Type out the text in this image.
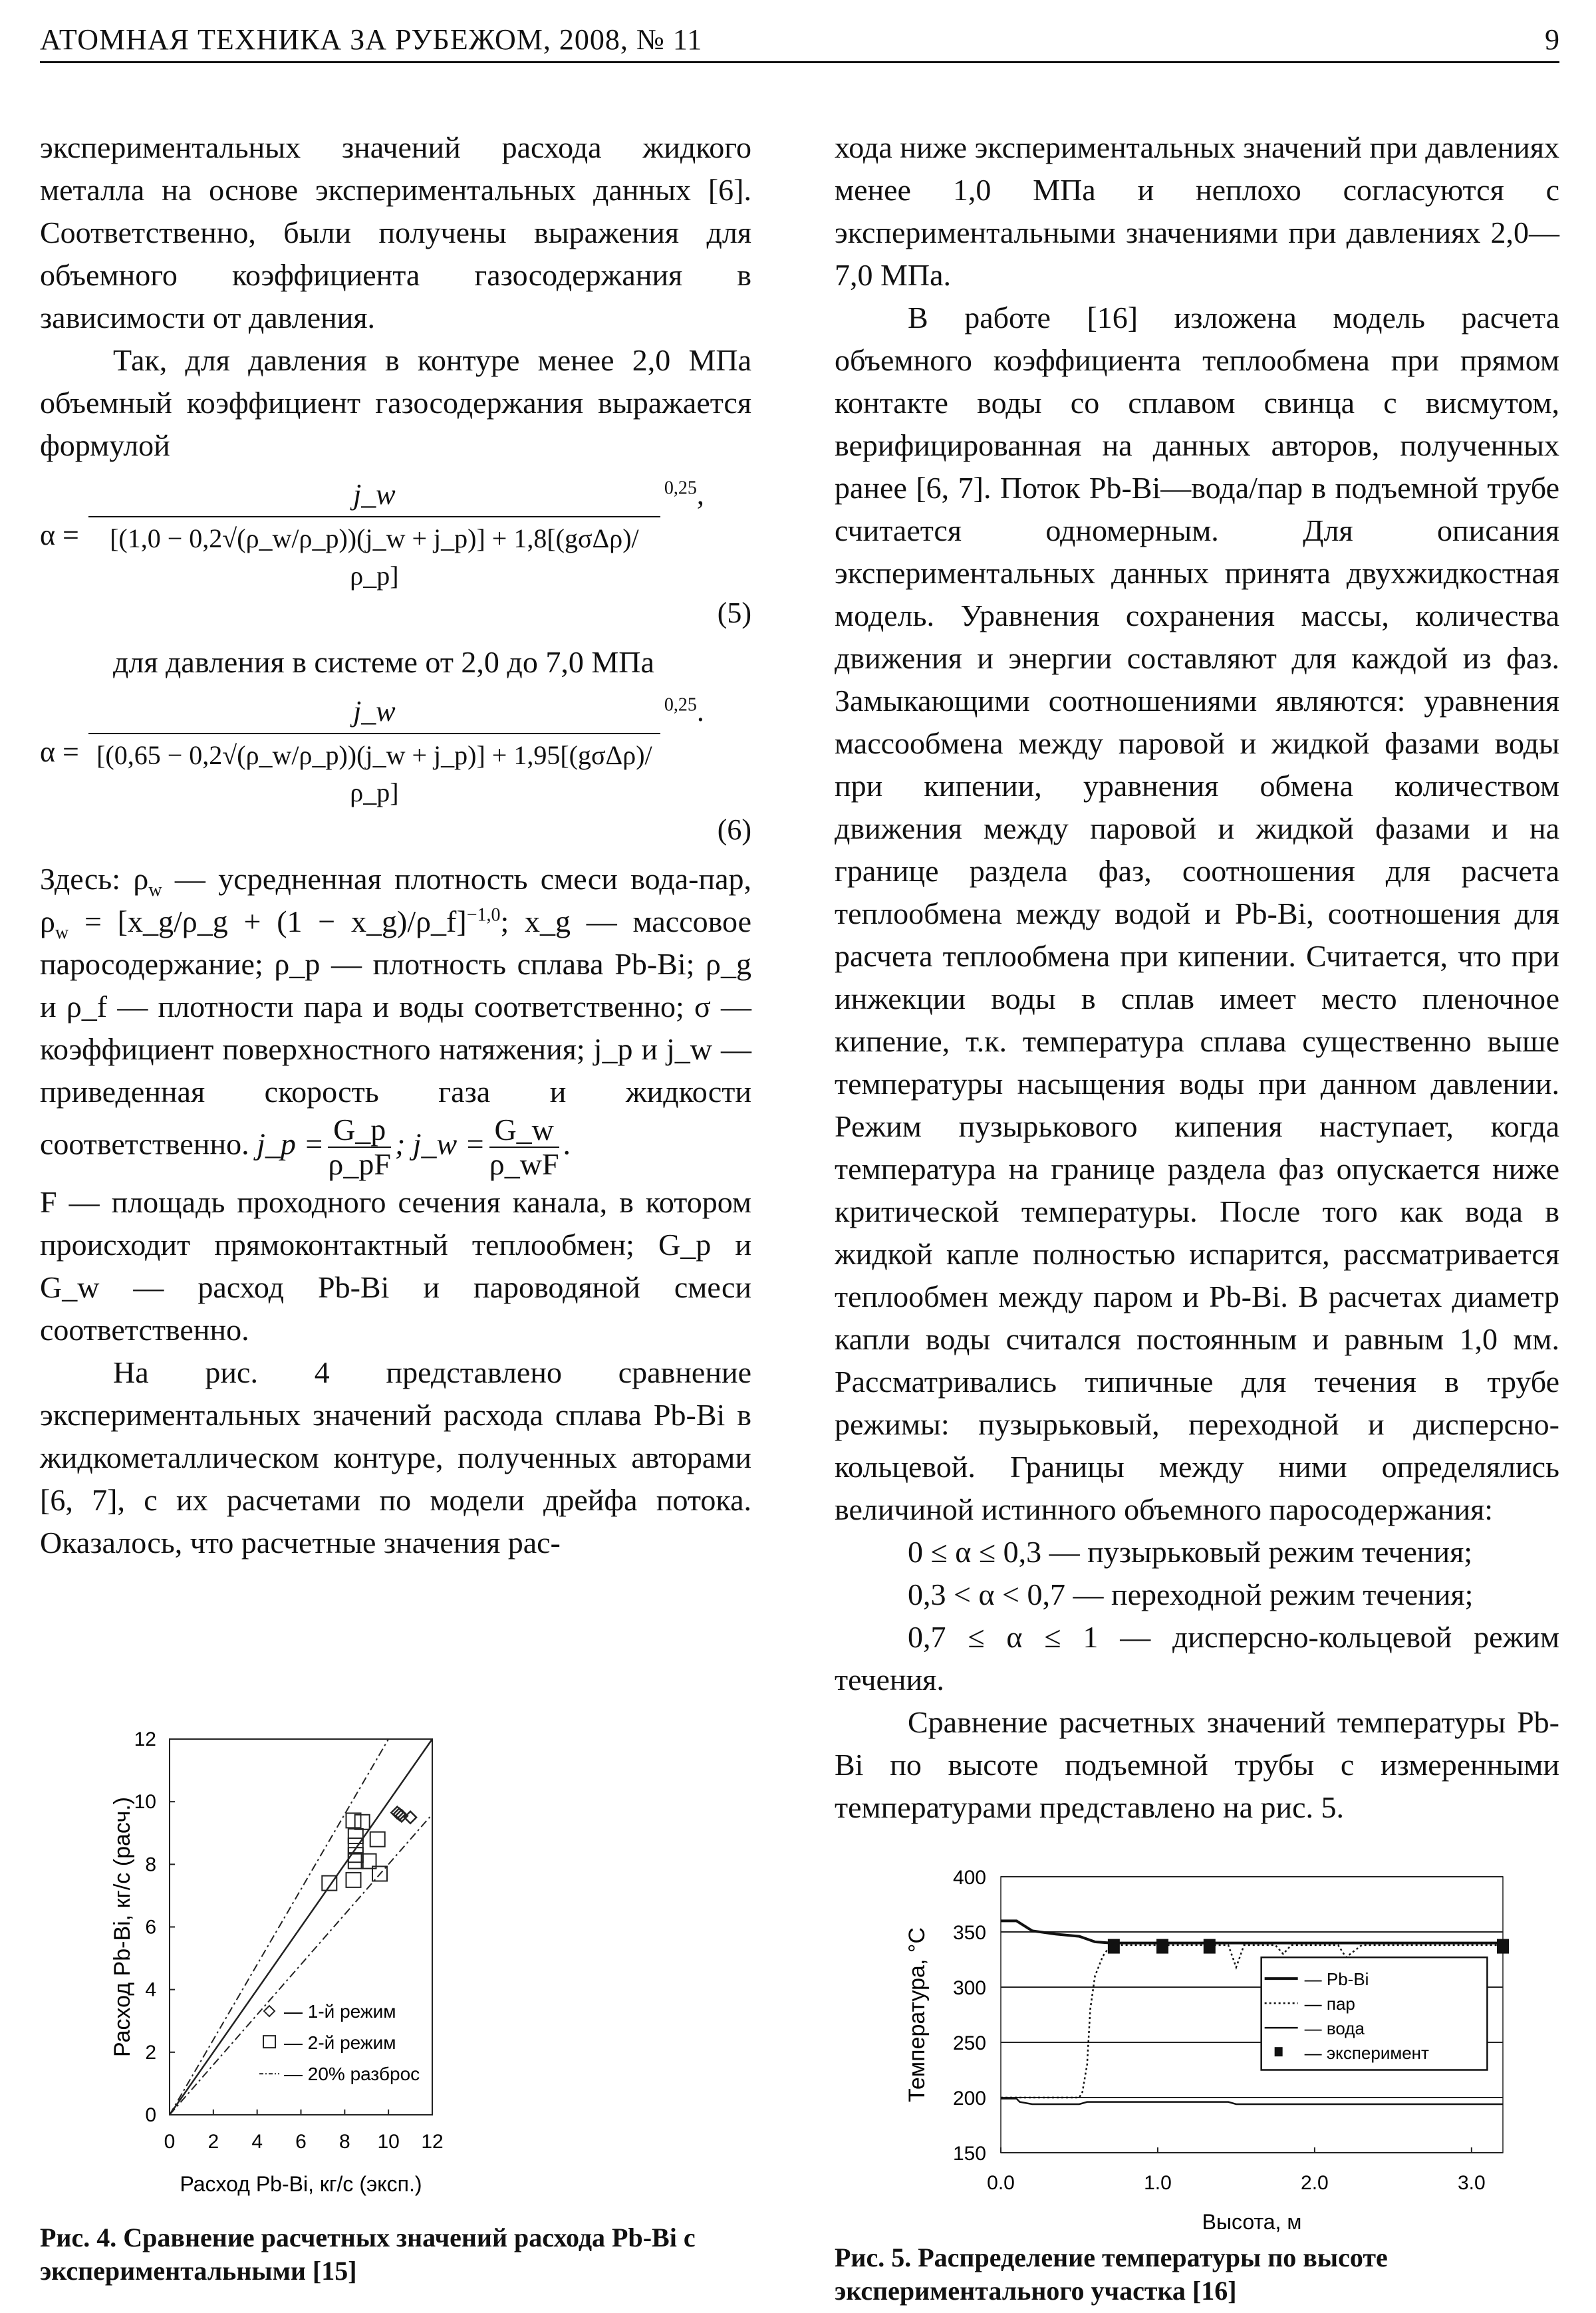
АТОМНАЯ ТЕХНИКА ЗА РУБЕЖОМ, 2008, № 11	9

экспериментальных значений расхода жидкого металла на основе экспериментальных данных [6]. Соответственно, были получены выражения для объемного коэффициента газосодержания в зависимости от давления.

Так, для давления в контуре менее 2,0 МПа объемный коэффициент газосодержания выражается формулой

$\alpha = \frac{j\_w}{\text{[(1,0 − 0,2√(ρ\_w/ρ\_p))(j\_w + j\_p)] + 1,8[(gσΔρ)/ρ\_p]}} ^{0,25}$,
(5)

для давления в системе от 2,0 до 7,0 МПа

$\alpha = \frac{j\_w}{\text{[(0,65 − 0,2√(ρ\_w/ρ\_p))(j\_w + j\_p)] + 1,95[(gσΔρ)/ρ\_p]}} ^{0,25}$.
(6)

Здесь: $\rho_w$ — усредненная плотность смеси вода-пар, $\rho_w$ = [x_g/ρ_g + (1 − x_g)/ρ_f]$^{-1,0}$; x_g — массовое паросодержание; ρ_p — плотность сплава Pb-Bi; ρ_g и ρ_f — плотности пара и воды соответственно; σ — коэффициент поверхностного натяжения; j_p и j_w — приведенная скорость газа и жидкости соответственно. j_p = $\frac{G\_p}{\rho\_pF}$ ; j_w = $\frac{G\_w}{\rho\_wF}$ .

F — площадь проходного сечения канала, в котором происходит прямоконтактный теплообмен; G_p и G_w — расход Pb-Bi и пароводяной смеси соответственно.

На рис. 4 представлено сравнение экспериментальных значений расхода сплава Pb-Bi в жидкометаллическом контуре, полученных авторами [6, 7], с их расчетами по модели дрейфа потока. Оказалось, что расчетные значения рас-

0 2 4 6 8 10 12
0
2
4
6
8
10
12
Расход Pb-Bi, кг/с (эксп.)
Расход Pb-Bi, кг/с (расч.)	— 1-й режим
— 2-й режим
— 20% разброс
Рис. 4. Сравнение расчетных значений расхода Pb-Bi с экспериментальными [15]

хода ниже экспериментальных значений при давлениях менее 1,0 МПа и неплохо согласуются с экспериментальными значениями при давлениях 2,0—7,0 МПа.

В работе [16] изложена модель расчета объемного коэффициента теплообмена при прямом контакте воды со сплавом свинца с висмутом, верифицированная на данных авторов, полученных ранее [6, 7]. Поток Pb-Bi—вода/пар в подъемной трубе считается одномерным. Для описания экспериментальных данных принята двухжидкостная модель. Уравнения сохранения массы, количества движения и энергии составляют для каждой из фаз. Замыкающими соотношениями являются: уравнения массообмена между паровой и жидкой фазами воды при кипении, уравнения обмена количеством движения между паровой и жидкой фазами и на границе раздела фаз, соотношения для расчета теплообмена между водой и Pb-Bi, соотношения для расчета теплообмена при кипении. Считается, что при инжекции воды в сплав имеет место пленочное кипение, т.к. температура сплава существенно выше температуры насыщения воды при данном давлении. Режим пузырькового кипения наступает, когда температура на границе раздела фаз опускается ниже критической температуры. После того как вода в жидкой капле полностью испарится, рассматривается теплообмен между паром и Pb-Bi. В расчетах диаметр капли воды считался постоянным и равным 1,0 мм. Рассматривались типичные для течения в трубе режимы: пузырьковый, переходной и дисперсно-кольцевой. Границы между ними определялись величиной истинного объемного паросодержания:

0 ≤ α ≤ 0,3 — пузырьковый режим течения;

0,3 < α < 0,7 — переходной режим течения;

0,7 ≤ α ≤ 1 — дисперсно-кольцевой режим течения.

Сравнение расчетных значений температуры Pb-Bi по высоте подъемной трубы с измеренными температурами представлено на рис. 5.

150
200
250
300
350
400
0.0	1.0	2.0	3.0
Высота, м
Температура, °С	— Pb-Bi
— пар
— вода
— эксперимент
Рис. 5. Распределение температуры по высоте экспериментального участка [16]
